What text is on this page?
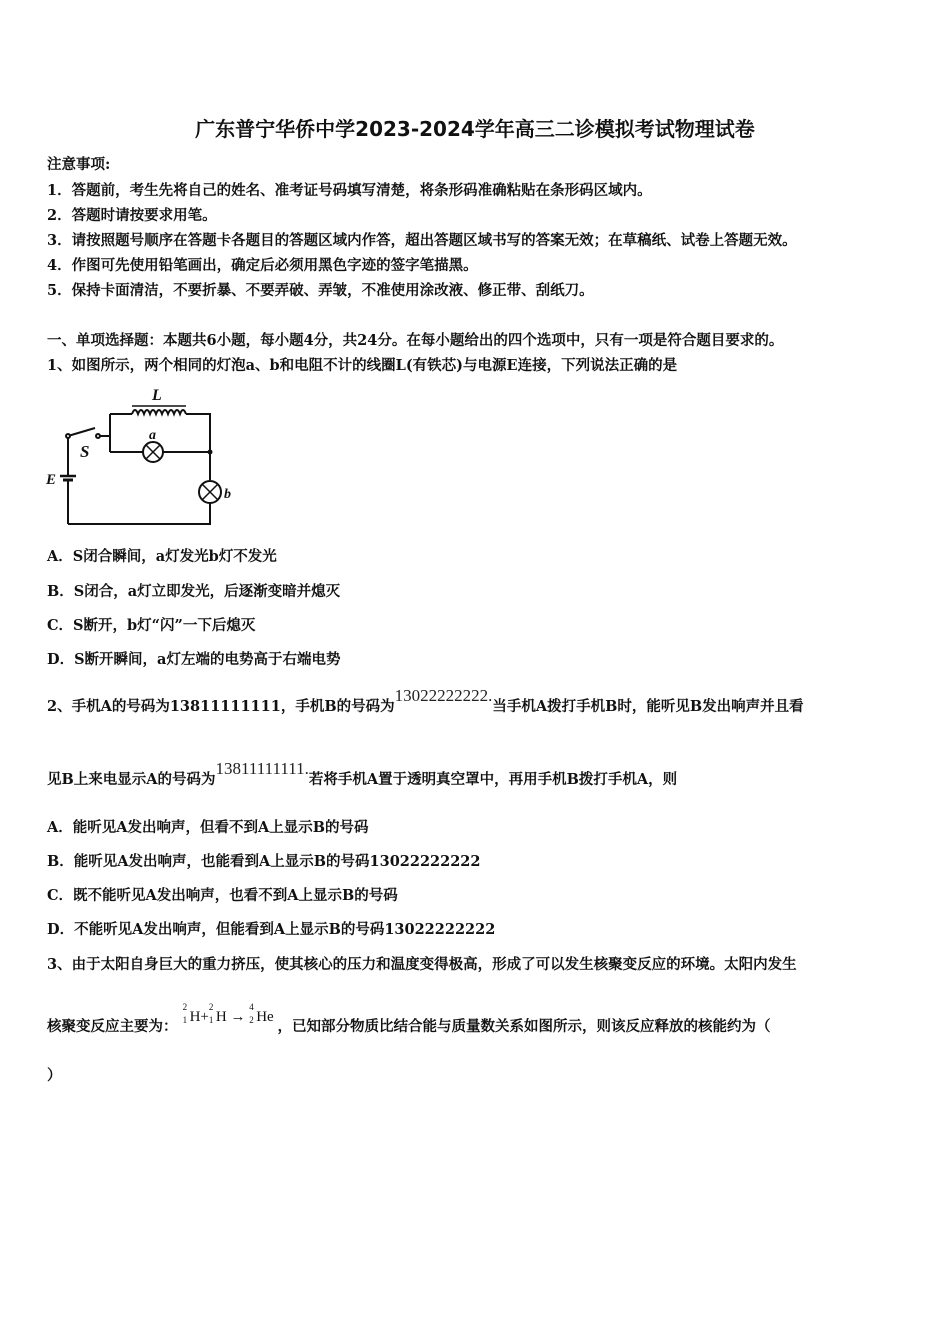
广东普宁华侨中学2023-2024学年高三二诊模拟考试物理试卷
注意事项:
1．答题前，考生先将自己的姓名、准考证号码填写清楚，将条形码准确粘贴在条形码区域内。
2．答题时请按要求用笔。
3．请按照题号顺序在答题卡各题目的答题区域内作答，超出答题区域书写的答案无效；在草稿纸、试卷上答题无效。
4．作图可先使用铅笔画出，确定后必须用黑色字迹的签字笔描黑。
5．保持卡面清洁，不要折暴、不要弄破、弄皱，不准使用涂改液、修正带、刮纸刀。
一、单项选择题：本题共6小题，每小题4分，共24分。在每小题给出的四个选项中，只有一项是符合题目要求的。
1、如图所示，两个相同的灯泡a、b和电阻不计的线圈L(有铁芯)与电源E连接，下列说法正确的是
L
a
S
E
b
A．S闭合瞬间，a灯发光b灯不发光
B．S闭合，a灯立即发光，后逐渐变暗并熄灭
C．S断开，b灯“闪”一下后熄灭
D．S断开瞬间，a灯左端的电势高于右端电势
2、手机A的号码为13811111111，手机B的号码为13022222222.当手机A拨打手机B时，能听见B发出响声并且看
见B上来电显示A的号码为13811111111.若将手机A置于透明真空罩中，再用手机B拨打手机A，则
A．能听见A发出响声，但看不到A上显示B的号码
B．能听见A发出响声，也能看到A上显示B的号码13022222222
C．既不能听见A发出响声，也看不到A上显示B的号码
D．不能听见A发出响声，但能看到A上显示B的号码13022222222
3、由于太阳自身巨大的重力挤压，使其核心的压力和温度变得极高，形成了可以发生核聚变反应的环境。太阳内发生
核聚变反应主要为：
2
1 H+
2
1 H →
4
2 He ，已知部分物质比结合能与质量数关系如图所示，则该反应释放的核能约为（
）
